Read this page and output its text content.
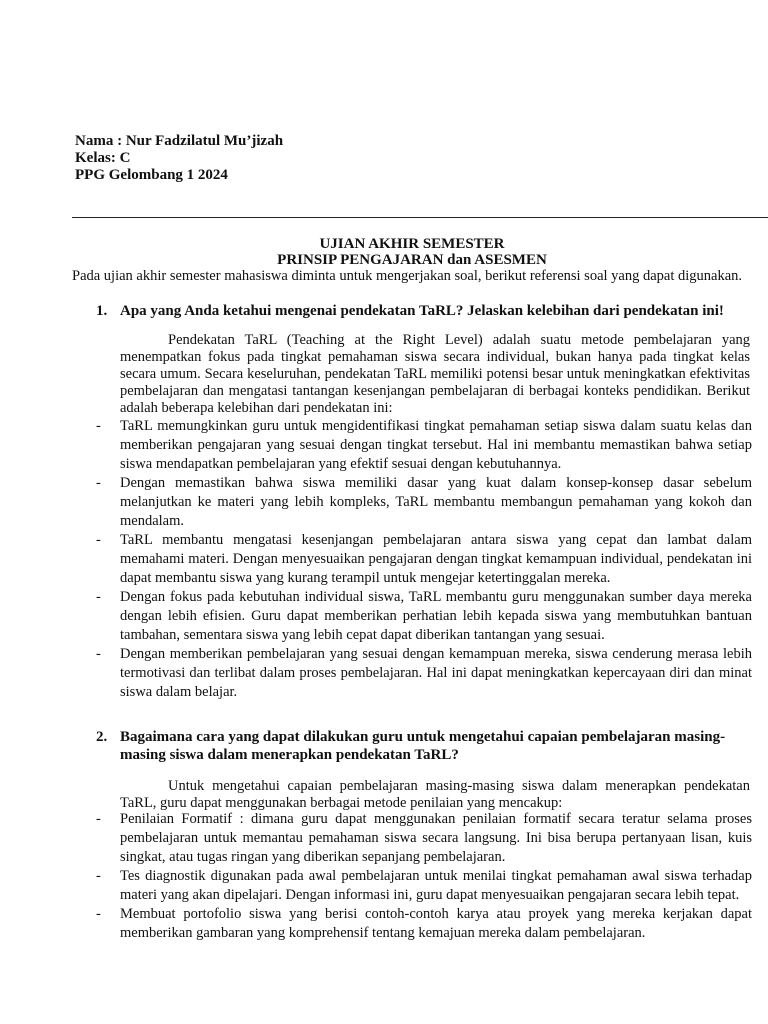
Nama : Nur Fadzilatul Mu’jizah
Kelas: C
PPG Gelombang 1 2024
UJIAN AKHIR SEMESTER
PRINSIP PENGAJARAN dan ASESMEN
Pada ujian akhir semester mahasiswa diminta untuk mengerjakan soal, berikut referensi soal yang dapat digunakan.
1. Apa yang Anda ketahui mengenai pendekatan TaRL? Jelaskan kelebihan dari pendekatan ini!
Pendekatan TaRL (Teaching at the Right Level) adalah suatu metode pembelajaran yang menempatkan fokus pada tingkat pemahaman siswa secara individual, bukan hanya pada tingkat kelas secara umum. Secara keseluruhan, pendekatan TaRL memiliki potensi besar untuk meningkatkan efektivitas pembelajaran dan mengatasi tantangan kesenjangan pembelajaran di berbagai konteks pendidikan. Berikut adalah beberapa kelebihan dari pendekatan ini:
- TaRL memungkinkan guru untuk mengidentifikasi tingkat pemahaman setiap siswa dalam suatu kelas dan memberikan pengajaran yang sesuai dengan tingkat tersebut. Hal ini membantu memastikan bahwa setiap siswa mendapatkan pembelajaran yang efektif sesuai dengan kebutuhannya.
- Dengan memastikan bahwa siswa memiliki dasar yang kuat dalam konsep-konsep dasar sebelum melanjutkan ke materi yang lebih kompleks, TaRL membantu membangun pemahaman yang kokoh dan mendalam.
- TaRL membantu mengatasi kesenjangan pembelajaran antara siswa yang cepat dan lambat dalam memahami materi. Dengan menyesuaikan pengajaran dengan tingkat kemampuan individual, pendekatan ini dapat membantu siswa yang kurang terampil untuk mengejar ketertinggalan mereka.
- Dengan fokus pada kebutuhan individual siswa, TaRL membantu guru menggunakan sumber daya mereka dengan lebih efisien. Guru dapat memberikan perhatian lebih kepada siswa yang membutuhkan bantuan tambahan, sementara siswa yang lebih cepat dapat diberikan tantangan yang sesuai.
- Dengan memberikan pembelajaran yang sesuai dengan kemampuan mereka, siswa cenderung merasa lebih termotivasi dan terlibat dalam proses pembelajaran. Hal ini dapat meningkatkan kepercayaan diri dan minat siswa dalam belajar.
2. Bagaimana cara yang dapat dilakukan guru untuk mengetahui capaian pembelajaran masing-masing siswa dalam menerapkan pendekatan TaRL?
Untuk mengetahui capaian pembelajaran masing-masing siswa dalam menerapkan pendekatan TaRL, guru dapat menggunakan berbagai metode penilaian yang mencakup:
- Penilaian Formatif : dimana guru dapat menggunakan penilaian formatif secara teratur selama proses pembelajaran untuk memantau pemahaman siswa secara langsung. Ini bisa berupa pertanyaan lisan, kuis singkat, atau tugas ringan yang diberikan sepanjang pembelajaran.
- Tes diagnostik digunakan pada awal pembelajaran untuk menilai tingkat pemahaman awal siswa terhadap materi yang akan dipelajari. Dengan informasi ini, guru dapat menyesuaikan pengajaran secara lebih tepat.
- Membuat portofolio siswa yang berisi contoh-contoh karya atau proyek yang mereka kerjakan dapat memberikan gambaran yang komprehensif tentang kemajuan mereka dalam pembelajaran.
